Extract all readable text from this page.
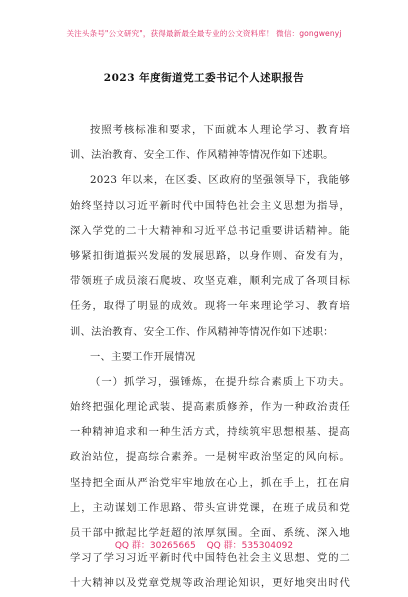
关注头条号"公文研究"，获得最新最全最专业的公文资料库！ 微信：gongwenyj
2023 年度街道党工委书记个人述职报告
按照考核标准和要求，下面就本人理论学习、教育培
训、法治教育、安全工作、作风精神等情况作如下述职。
2023 年以来，在区委、区政府的坚强领导下，我能够
始终坚持以习近平新时代中国特色社会主义思想为指导，
深入学党的二十大精神和习近平总书记重要讲话精神。能
够紧扣街道振兴发展的发展思路，以身作则、奋发有为，
带领班子成员滚石爬坡、攻坚克难，顺利完成了各项目标
任务，取得了明显的成效。现将一年来理论学习、教育培
训、法治教育、安全工作、作风精神等情况作如下述职：
一、主要工作开展情况
（一）抓学习，强锤炼，在提升综合素质上下功夫。
始终把强化理论武装、提高素质修养，作为一种政治责任
一种精神追求和一种生活方式，持续筑牢思想根基、提高
政治站位，提高综合素养。一是树牢政治坚定的风向标。
坚持把全面从严治党牢牢地放在心上，抓在手上，扛在肩
上，主动谋划工作思路、带头宣讲党课，在班子成员和党
员干部中掀起比学赶超的浓厚氛围。全面、系统、深入地
学习了学习习近平新时代中国特色社会主义思想、党的二
十大精神以及党章党规等政治理论知识，更好地突出时代
QQ 群：30265665 QQ 群：535304092
